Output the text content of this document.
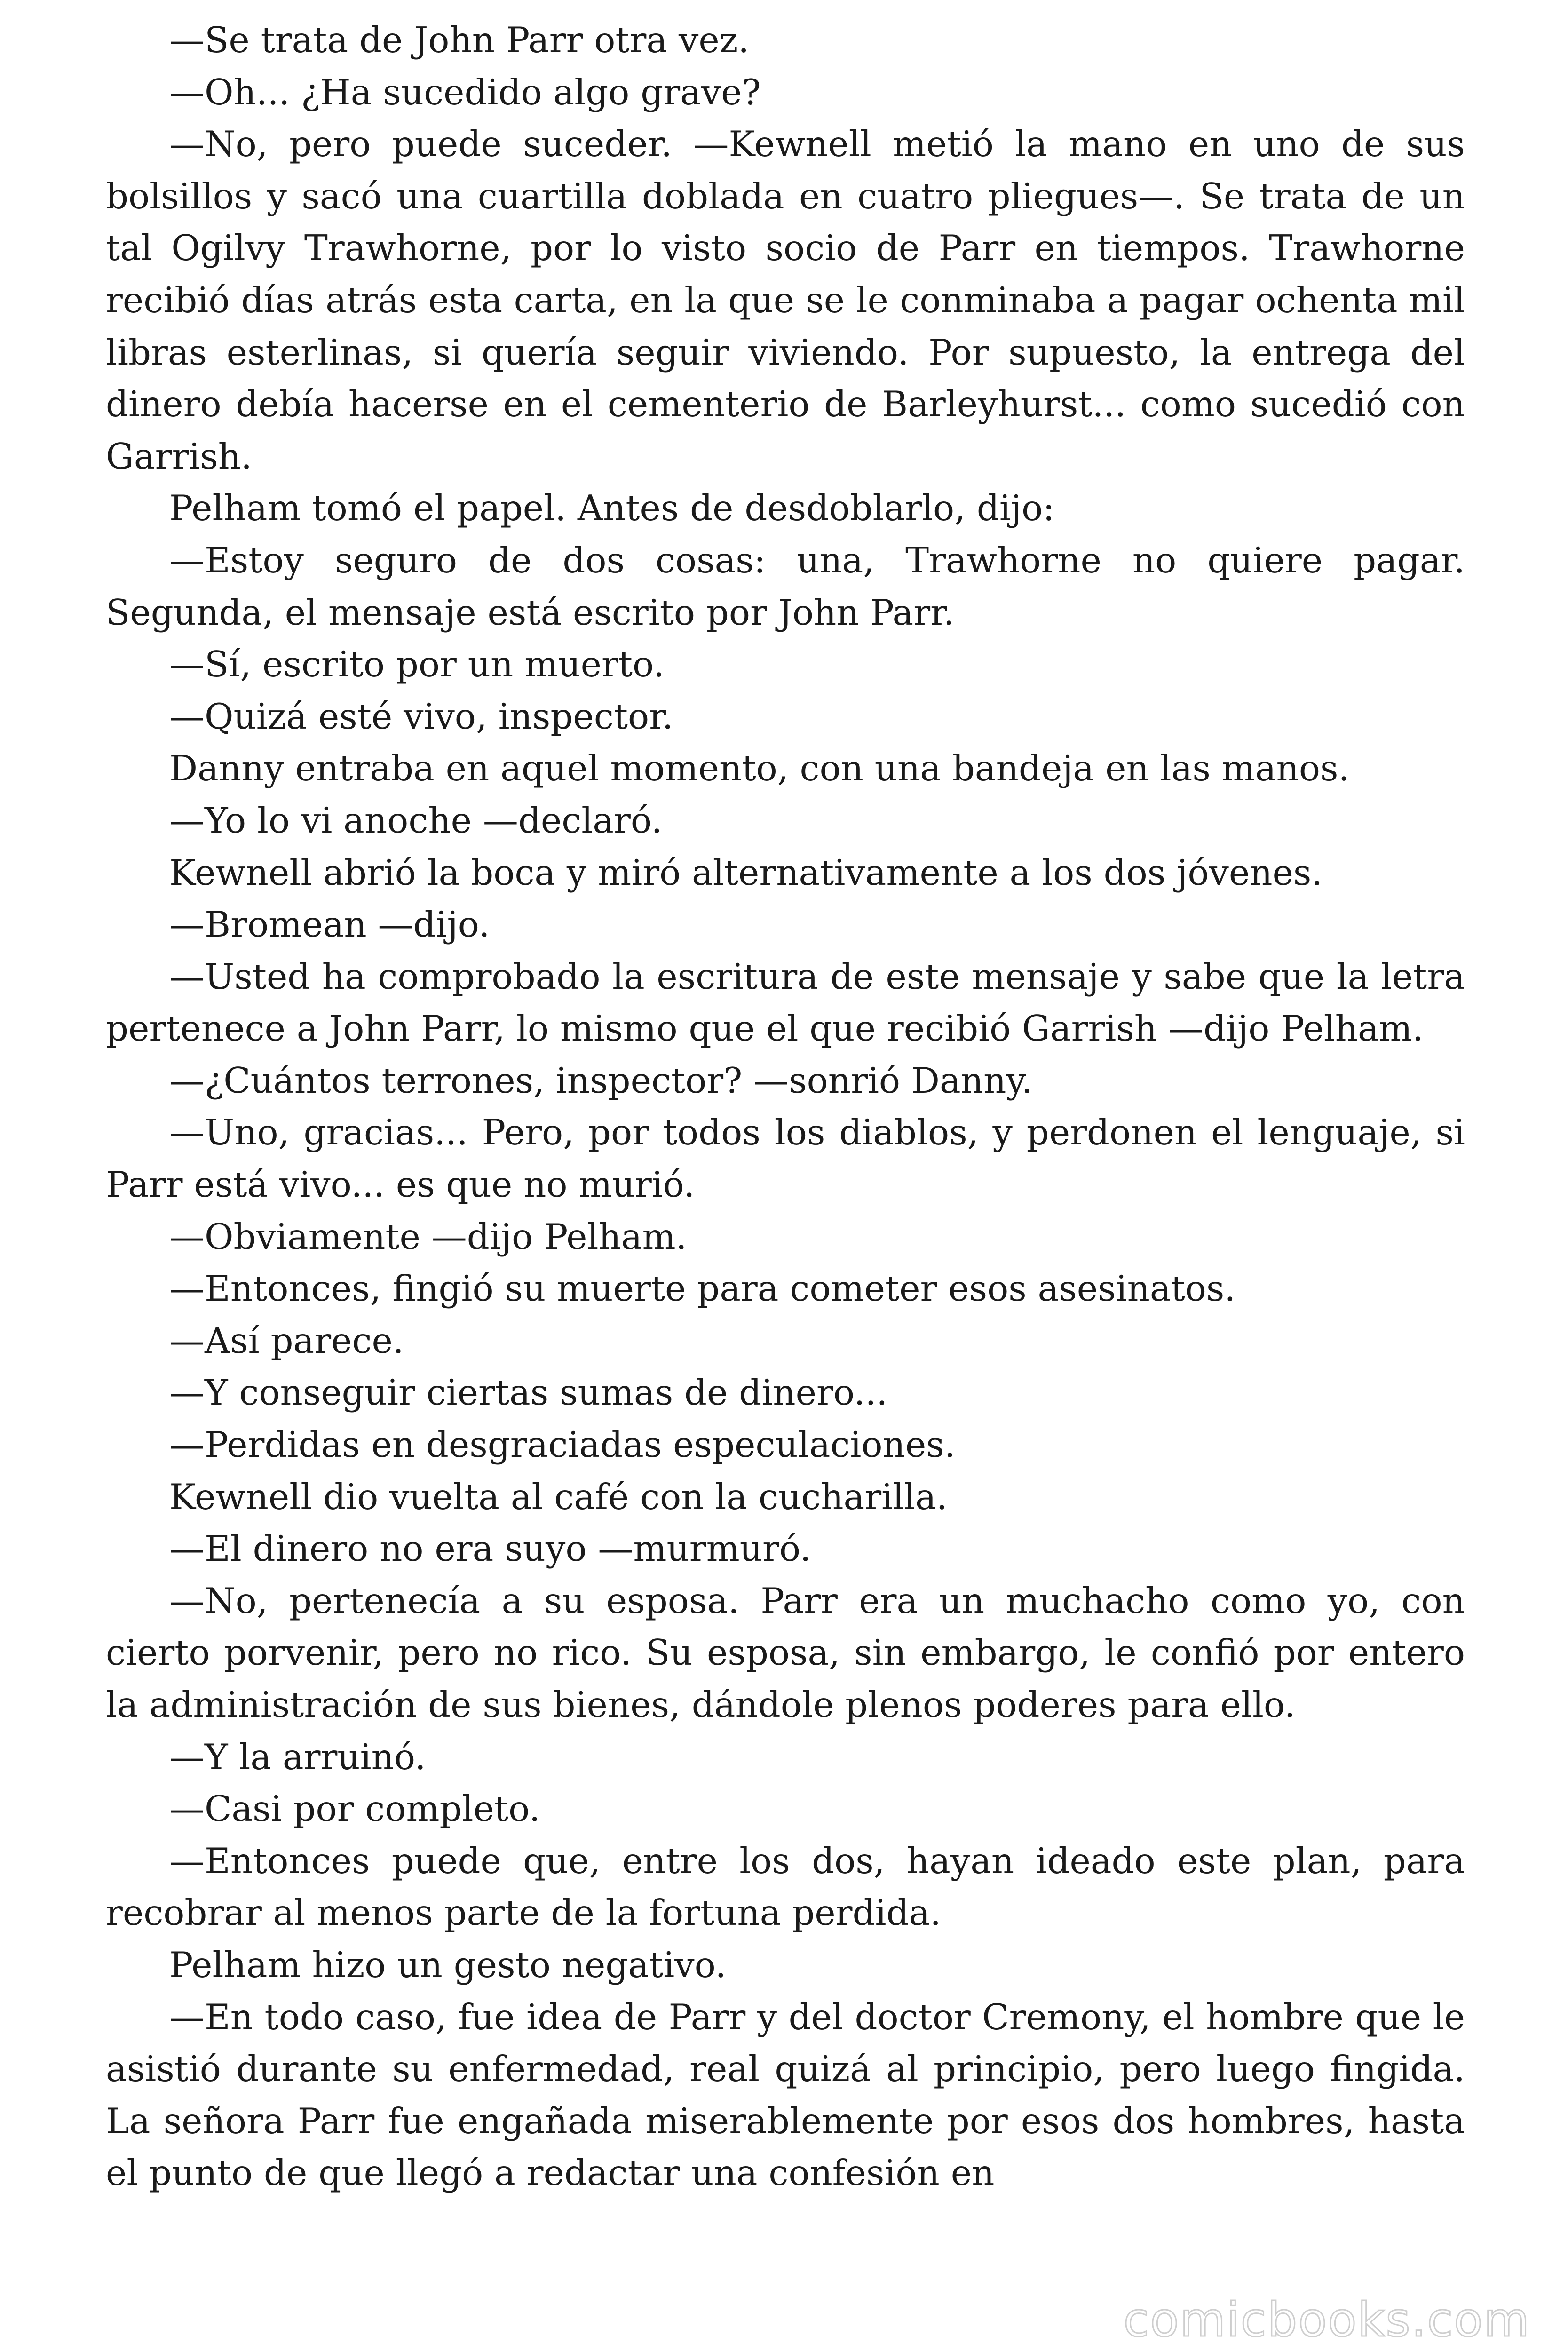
—Se trata de John Parr otra vez.

—Oh... ¿Ha sucedido algo grave?

—No, pero puede suceder. —Kewnell metió la mano en uno de sus bolsillos y sacó una cuartilla doblada en cuatro pliegues—. Se trata de un tal Ogilvy Trawhorne, por lo visto socio de Parr en tiempos. Trawhorne recibió días atrás esta carta, en la que se le conminaba a pagar ochenta mil libras esterlinas, si quería seguir viviendo. Por supuesto, la entrega del dinero debía hacerse en el cementerio de Barleyhurst... como sucedió con Garrish.

Pelham tomó el papel. Antes de desdoblarlo, dijo:

—Estoy seguro de dos cosas: una, Trawhorne no quiere pagar. Segunda, el mensaje está escrito por John Parr.

—Sí, escrito por un muerto.

—Quizá esté vivo, inspector.

Danny entraba en aquel momento, con una bandeja en las manos.

—Yo lo vi anoche —declaró.

Kewnell abrió la boca y miró alternativamente a los dos jóvenes.

—Bromean —dijo.

—Usted ha comprobado la escritura de este mensaje y sabe que la letra pertenece a John Parr, lo mismo que el que recibió Garrish —dijo Pelham.

—¿Cuántos terrones, inspector? —sonrió Danny.

—Uno, gracias... Pero, por todos los diablos, y perdonen el lenguaje, si Parr está vivo... es que no murió.

—Obviamente —dijo Pelham.

—Entonces, fingió su muerte para cometer esos asesinatos.

—Así parece.

—Y conseguir ciertas sumas de dinero...

—Perdidas en desgraciadas especulaciones.

Kewnell dio vuelta al café con la cucharilla.

—El dinero no era suyo —murmuró.

—No, pertenecía a su esposa. Parr era un muchacho como yo, con cierto porvenir, pero no rico. Su esposa, sin embargo, le confió por entero la administración de sus bienes, dándole plenos poderes para ello.

—Y la arruinó.

—Casi por completo.

—Entonces puede que, entre los dos, hayan ideado este plan, para recobrar al menos parte de la fortuna perdida.

Pelham hizo un gesto negativo.

—En todo caso, fue idea de Parr y del doctor Cremony, el hombre que le asistió durante su enfermedad, real quizá al principio, pero luego fingida. La señora Parr fue engañada miserablemente por esos dos hombres, hasta el punto de que llegó a redactar una confesión en

comicbooks.com
